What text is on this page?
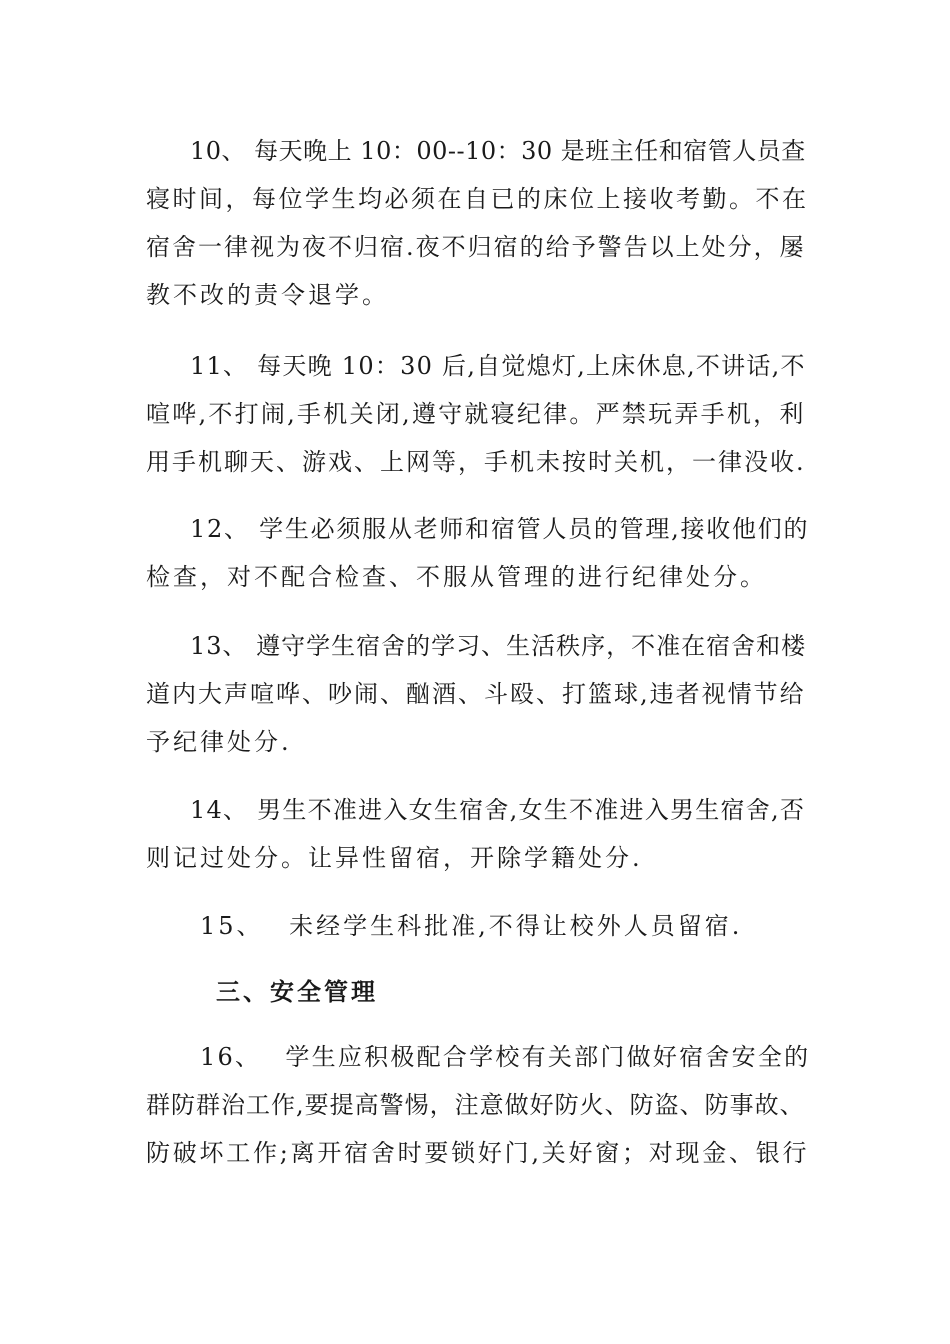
10、 每天晚上 10：00--10：30 是班主任和宿管人员查
寝时间，每位学生均必须在自已的床位上接收考勤。不在
宿舍一律视为夜不归宿.夜不归宿的给予警告以上处分，屡
教不改的责令退学。
11、 每天晚 10：30 后,自觉熄灯,上床休息,不讲话,不
喧哗,不打闹,手机关闭,遵守就寝纪律。严禁玩弄手机，利
用手机聊天、游戏、上网等，手机未按时关机，一律没收.
12、 学生必须服从老师和宿管人员的管理,接收他们的
检查，对不配合检查、不服从管理的进行纪律处分。
13、 遵守学生宿舍的学习、生活秩序，不准在宿舍和楼
道内大声喧哗、吵闹、酗酒、斗殴、打篮球,违者视情节给
予纪律处分.
14、 男生不准进入女生宿舍,女生不准进入男生宿舍,否
则记过处分。让异性留宿，开除学籍处分.
15、　 未经学生科批准,不得让校外人员留宿.
三、安全管理
16、　 学生应积极配合学校有关部门做好宿舍安全的
群防群治工作,要提高警惕，注意做好防火、防盗、防事故、
防破坏工作;离开宿舍时要锁好门,关好窗；对现金、银行
